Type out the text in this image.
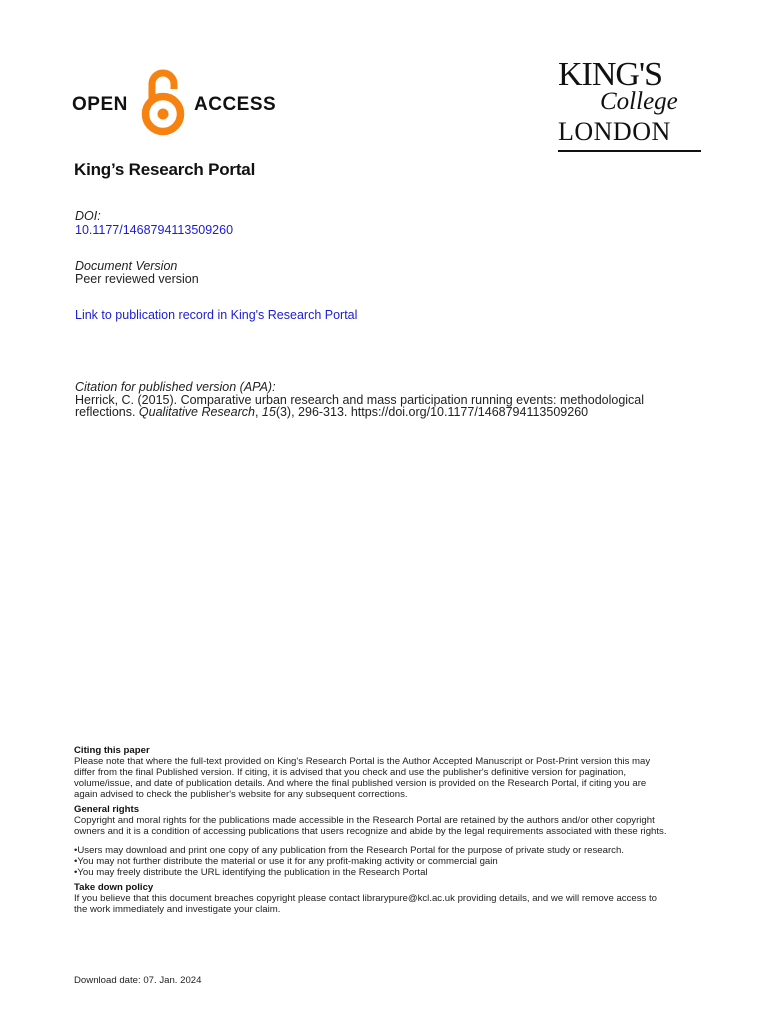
OPEN	ACCESS
KING'S
College
LONDON
King’s Research Portal
DOI:
10.1177/1468794113509260
Document Version
Peer reviewed version
Link to publication record in King's Research Portal
Citation for published version (APA):
Herrick, C. (2015). Comparative urban research and mass participation running events: methodological
reflections. Qualitative Research, 15(3), 296-313. https://doi.org/10.1177/1468794113509260
Citing this paper
Please note that where the full-text provided on King's Research Portal is the Author Accepted Manuscript or Post-Print version this may
differ from the final Published version. If citing, it is advised that you check and use the publisher's definitive version for pagination,
volume/issue, and date of publication details. And where the final published version is provided on the Research Portal, if citing you are
again advised to check the publisher's website for any subsequent corrections.
General rights
Copyright and moral rights for the publications made accessible in the Research Portal are retained by the authors and/or other copyright
owners and it is a condition of accessing publications that users recognize and abide by the legal requirements associated with these rights.
•Users may download and print one copy of any publication from the Research Portal for the purpose of private study or research.
•You may not further distribute the material or use it for any profit-making activity or commercial gain
•You may freely distribute the URL identifying the publication in the Research Portal
Take down policy
If you believe that this document breaches copyright please contact librarypure@kcl.ac.uk providing details, and we will remove access to
the work immediately and investigate your claim.
Download date: 07. Jan. 2024
